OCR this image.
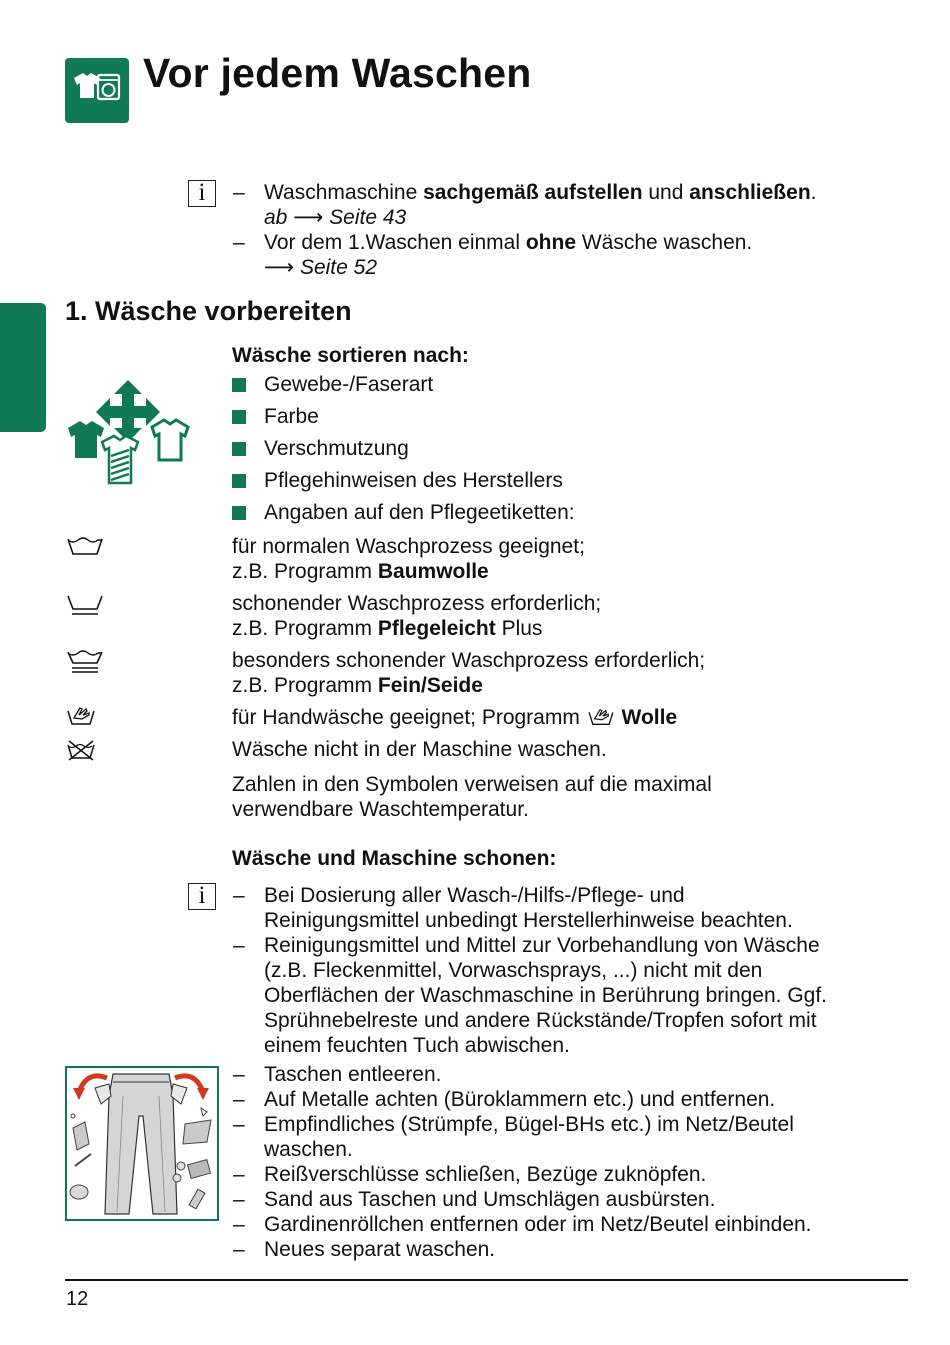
Vor jedem Waschen
i	– Waschmaschine sachgemäß aufstellen und anschließen.
ab ⟶ Seite 43
– Vor dem 1.Waschen einmal ohne Wäsche waschen.
⟶ Seite 52
1. Wäsche vorbereiten
Wäsche sortieren nach:
Gewebe-/Faserart
Farbe
Verschmutzung
Pflegehinweisen des Herstellers
Angaben auf den Pflegeetiketten:
für normalen Waschprozess geeignet;
z.B. Programm Baumwolle
schonender Waschprozess erforderlich;
z.B. Programm Pflegeleicht Plus
besonders schonender Waschprozess erforderlich;
z.B. Programm Fein/Seide
für Handwäsche geeignet; Programm  Wolle
Wäsche nicht in der Maschine waschen.
Zahlen in den Symbolen verweisen auf die maximal
verwendbare Waschtemperatur.
Wäsche und Maschine schonen:
i	– Bei Dosierung aller Wasch-/Hilfs-/Pflege- und
Reinigungsmittel unbedingt Herstellerhinweise beachten.
– Reinigungsmittel und Mittel zur Vorbehandlung von Wäsche
(z.B. Fleckenmittel, Vorwaschsprays, ...) nicht mit den
Oberflächen der Waschmaschine in Berührung bringen. Ggf.
Sprühnebelreste und andere Rückstände/Tropfen sofort mit
einem feuchten Tuch abwischen.
– Taschen entleeren.
– Auf Metalle achten (Büroklammern etc.) und entfernen.
– Empfindliches (Strümpfe, Bügel-BHs etc.) im Netz/Beutel
waschen.
– Reißverschlüsse schließen, Bezüge zuknöpfen.
– Sand aus Taschen und Umschlägen ausbürsten.
– Gardinenröllchen entfernen oder im Netz/Beutel einbinden.
– Neues separat waschen.
12
